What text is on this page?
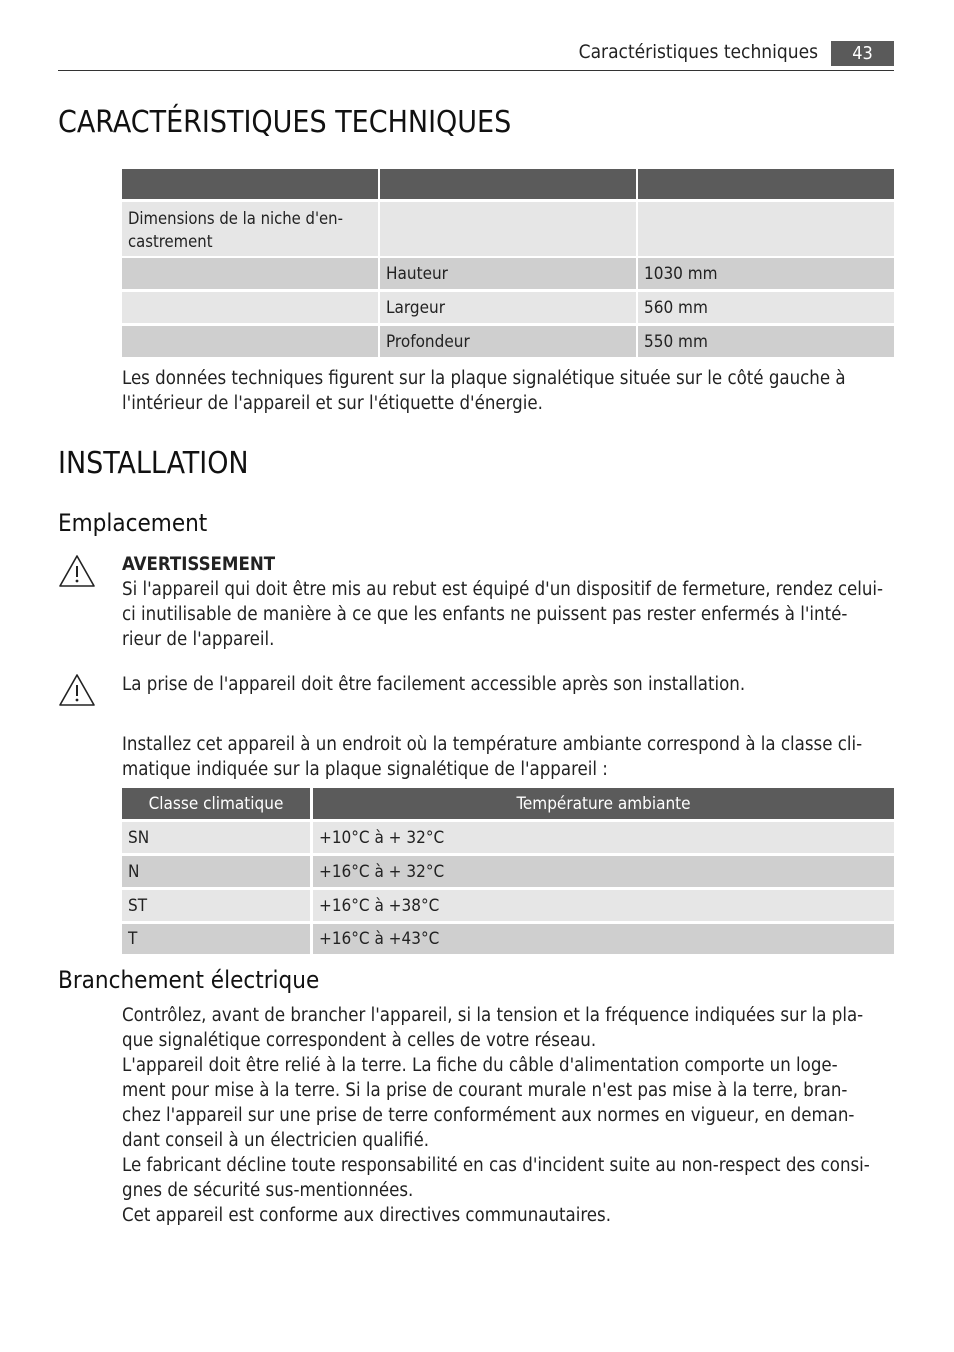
Caractéristiques techniques	43
CARACTÉRISTIQUES TECHNIQUES
Dimensions de la niche d'en-
castrement
Hauteur	1030 mm
Largeur	560 mm
Profondeur	550 mm
Les données techniques figurent sur la plaque signalétique située sur le côté gauche à
l'intérieur de l'appareil et sur l'étiquette d'énergie.
INSTALLATION
Emplacement
AVERTISSEMENT
Si l'appareil qui doit être mis au rebut est équipé d'un dispositif de fermeture, rendez celui-
ci inutilisable de manière à ce que les enfants ne puissent pas rester enfermés à l'inté-
rieur de l'appareil.
La prise de l'appareil doit être facilement accessible après son installation.
Installez cet appareil à un endroit où la température ambiante correspond à la classe cli-
matique indiquée sur la plaque signalétique de l'appareil :
Classe climatique	Température ambiante
SN	+10°C à + 32°C
N	+16°C à + 32°C
ST	+16°C à +38°C
T	+16°C à +43°C
Branchement électrique
Contrôlez, avant de brancher l'appareil, si la tension et la fréquence indiquées sur la pla-
que signalétique correspondent à celles de votre réseau.
L'appareil doit être relié à la terre. La fiche du câble d'alimentation comporte un loge-
ment pour mise à la terre. Si la prise de courant murale n'est pas mise à la terre, bran-
chez l'appareil sur une prise de terre conformément aux normes en vigueur, en deman-
dant conseil à un électricien qualifié.
Le fabricant décline toute responsabilité en cas d'incident suite au non-respect des consi-
gnes de sécurité sus-mentionnées.
Cet appareil est conforme aux directives communautaires.
